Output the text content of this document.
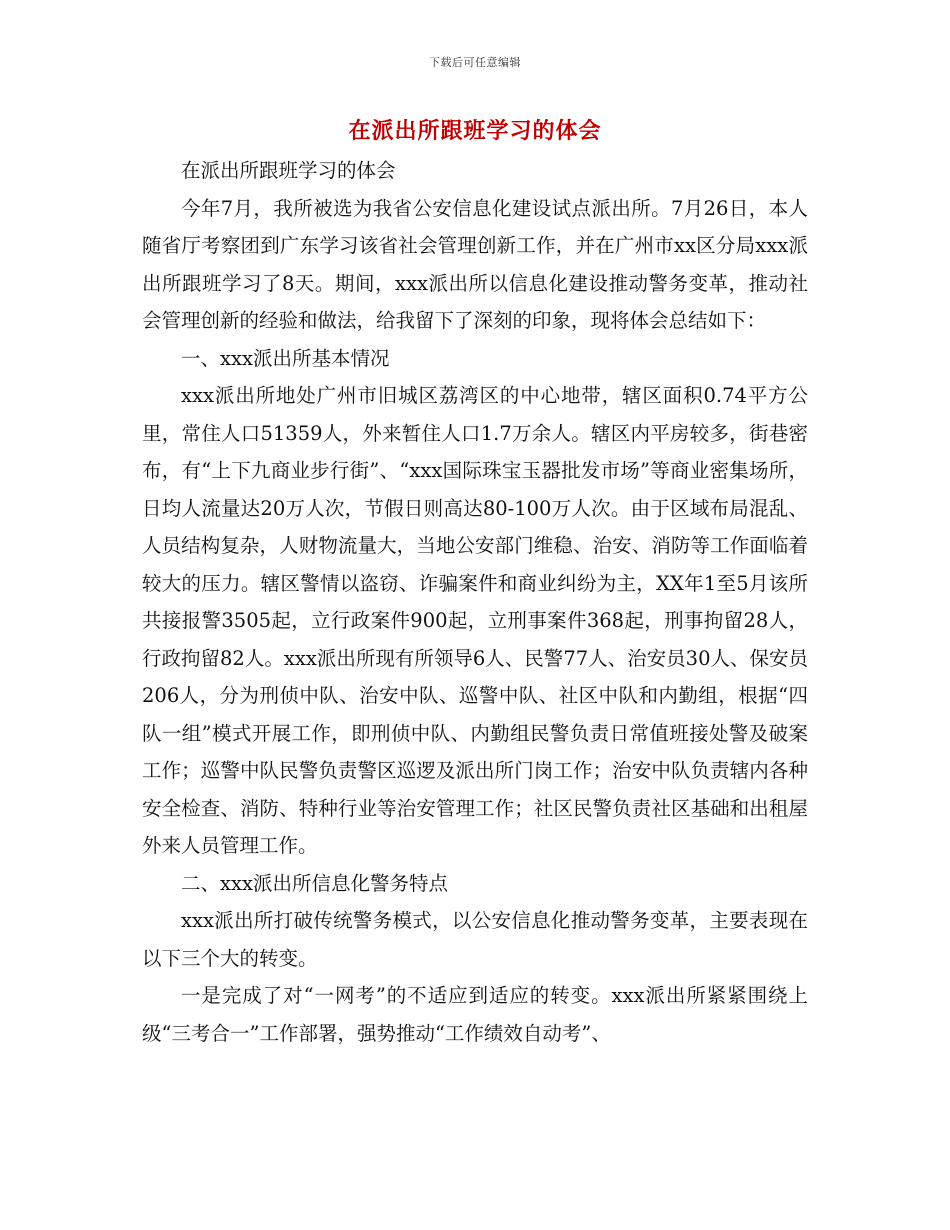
下载后可任意编辑
在派出所跟班学习的体会

在派出所跟班学习的体会

今年7月，我所被选为我省公安信息化建设试点派出所。7月26日，本人随省厅考察团到广东学习该省社会管理创新工作，并在广州市xx区分局xxx派出所跟班学习了8天。期间，xxx派出所以信息化建设推动警务变革，推动社会管理创新的经验和做法，给我留下了深刻的印象，现将体会总结如下：

一、xxx派出所基本情况

xxx派出所地处广州市旧城区荔湾区的中心地带，辖区面积0.74平方公里，常住人口51359人，外来暂住人口1.7万余人。辖区内平房较多，街巷密布，有“上下九商业步行街”、“xxx国际珠宝玉器批发市场”等商业密集场所，日均人流量达20万人次，节假日则高达80-100万人次。由于区域布局混乱、人员结构复杂，人财物流量大，当地公安部门维稳、治安、消防等工作面临着较大的压力。辖区警情以盗窃、诈骗案件和商业纠纷为主，XX年1至5月该所共接报警3505起，立行政案件900起，立刑事案件368起，刑事拘留28人，行政拘留82人。xxx派出所现有所领导6人、民警77人、治安员30人、保安员206人，分为刑侦中队、治安中队、巡警中队、社区中队和内勤组，根据“四队一组”模式开展工作，即刑侦中队、内勤组民警负责日常值班接处警及破案工作；巡警中队民警负责警区巡逻及派出所门岗工作；治安中队负责辖内各种安全检查、消防、特种行业等治安管理工作；社区民警负责社区基础和出租屋外来人员管理工作。

二、xxx派出所信息化警务特点

xxx派出所打破传统警务模式，以公安信息化推动警务变革，主要表现在以下三个大的转变。

一是完成了对“一网考”的不适应到适应的转变。xxx派出所紧紧围绕上级“三考合一”工作部署，强势推动“工作绩效自动考”、
